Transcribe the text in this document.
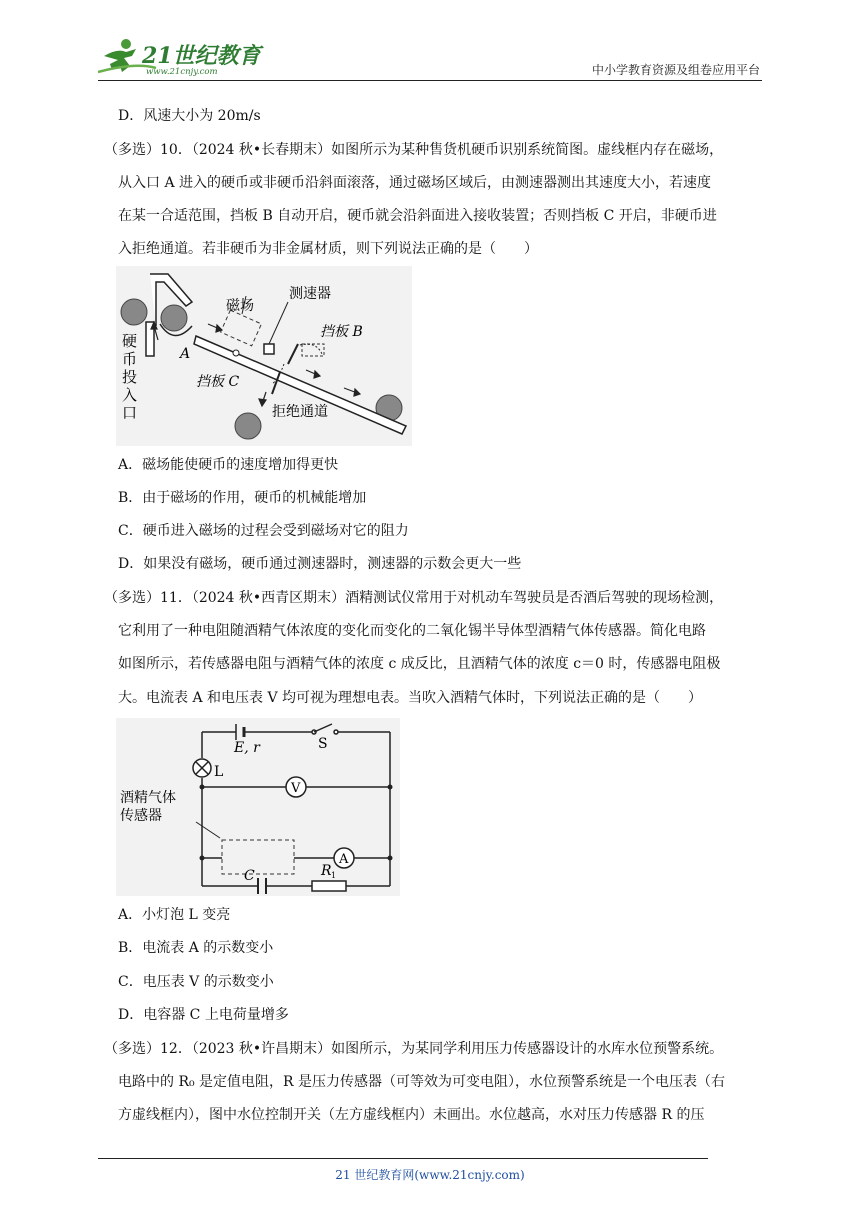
21世纪教育
www.21cnjy.com	中小学教育资源及组卷应用平台
D．风速大小为 20m/s
（多选）10．（2024 秋•长春期末）如图所示为某种售货机硬币识别系统简图。虚线框内存在磁场，
从入口 A 进入的硬币或非硬币沿斜面滚落，通过磁场区域后，由测速器测出其速度大小，若速度
在某一合适范围，挡板 B 自动开启，硬币就会沿斜面进入接收装置；否则挡板 C 开启，非硬币进
入拒绝通道。若非硬币为非金属材质，则下列说法正确的是（　　）
磁场
测速器
挡板 B
挡板 C
拒绝通道
A
硬
币
投
入
口
A．磁场能使硬币的速度增加得更快
B．由于磁场的作用，硬币的机械能增加
C．硬币进入磁场的过程会受到磁场对它的阻力
D．如果没有磁场，硬币通过测速器时，测速器的示数会更大一些
（多选）11．（2024 秋•西青区期末）酒精测试仪常用于对机动车驾驶员是否酒后驾驶的现场检测，
它利用了一种电阻随酒精气体浓度的变化而变化的二氧化锡半导体型酒精气体传感器。简化电路
如图所示，若传感器电阻与酒精气体的浓度 c 成反比，且酒精气体的浓度 c＝0 时，传感器电阻极
大。电流表 A 和电压表 V 均可视为理想电表。当吹入酒精气体时，下列说法正确的是（　　）
V
A
E, r	S
L
酒精气体
传感器
C	R 1
A．小灯泡 L 变亮
B．电流表 A 的示数变小
C．电压表 V 的示数变小
D．电容器 C 上电荷量增多
（多选）12．（2023 秋•许昌期末）如图所示，为某同学利用压力传感器设计的水库水位预警系统。
电路中的 R₀ 是定值电阻，R 是压力传感器（可等效为可变电阻），水位预警系统是一个电压表（右
方虚线框内），图中水位控制开关（左方虚线框内）未画出。水位越高，水对压力传感器 R 的压
21 世纪教育网(www.21cnjy.com)
